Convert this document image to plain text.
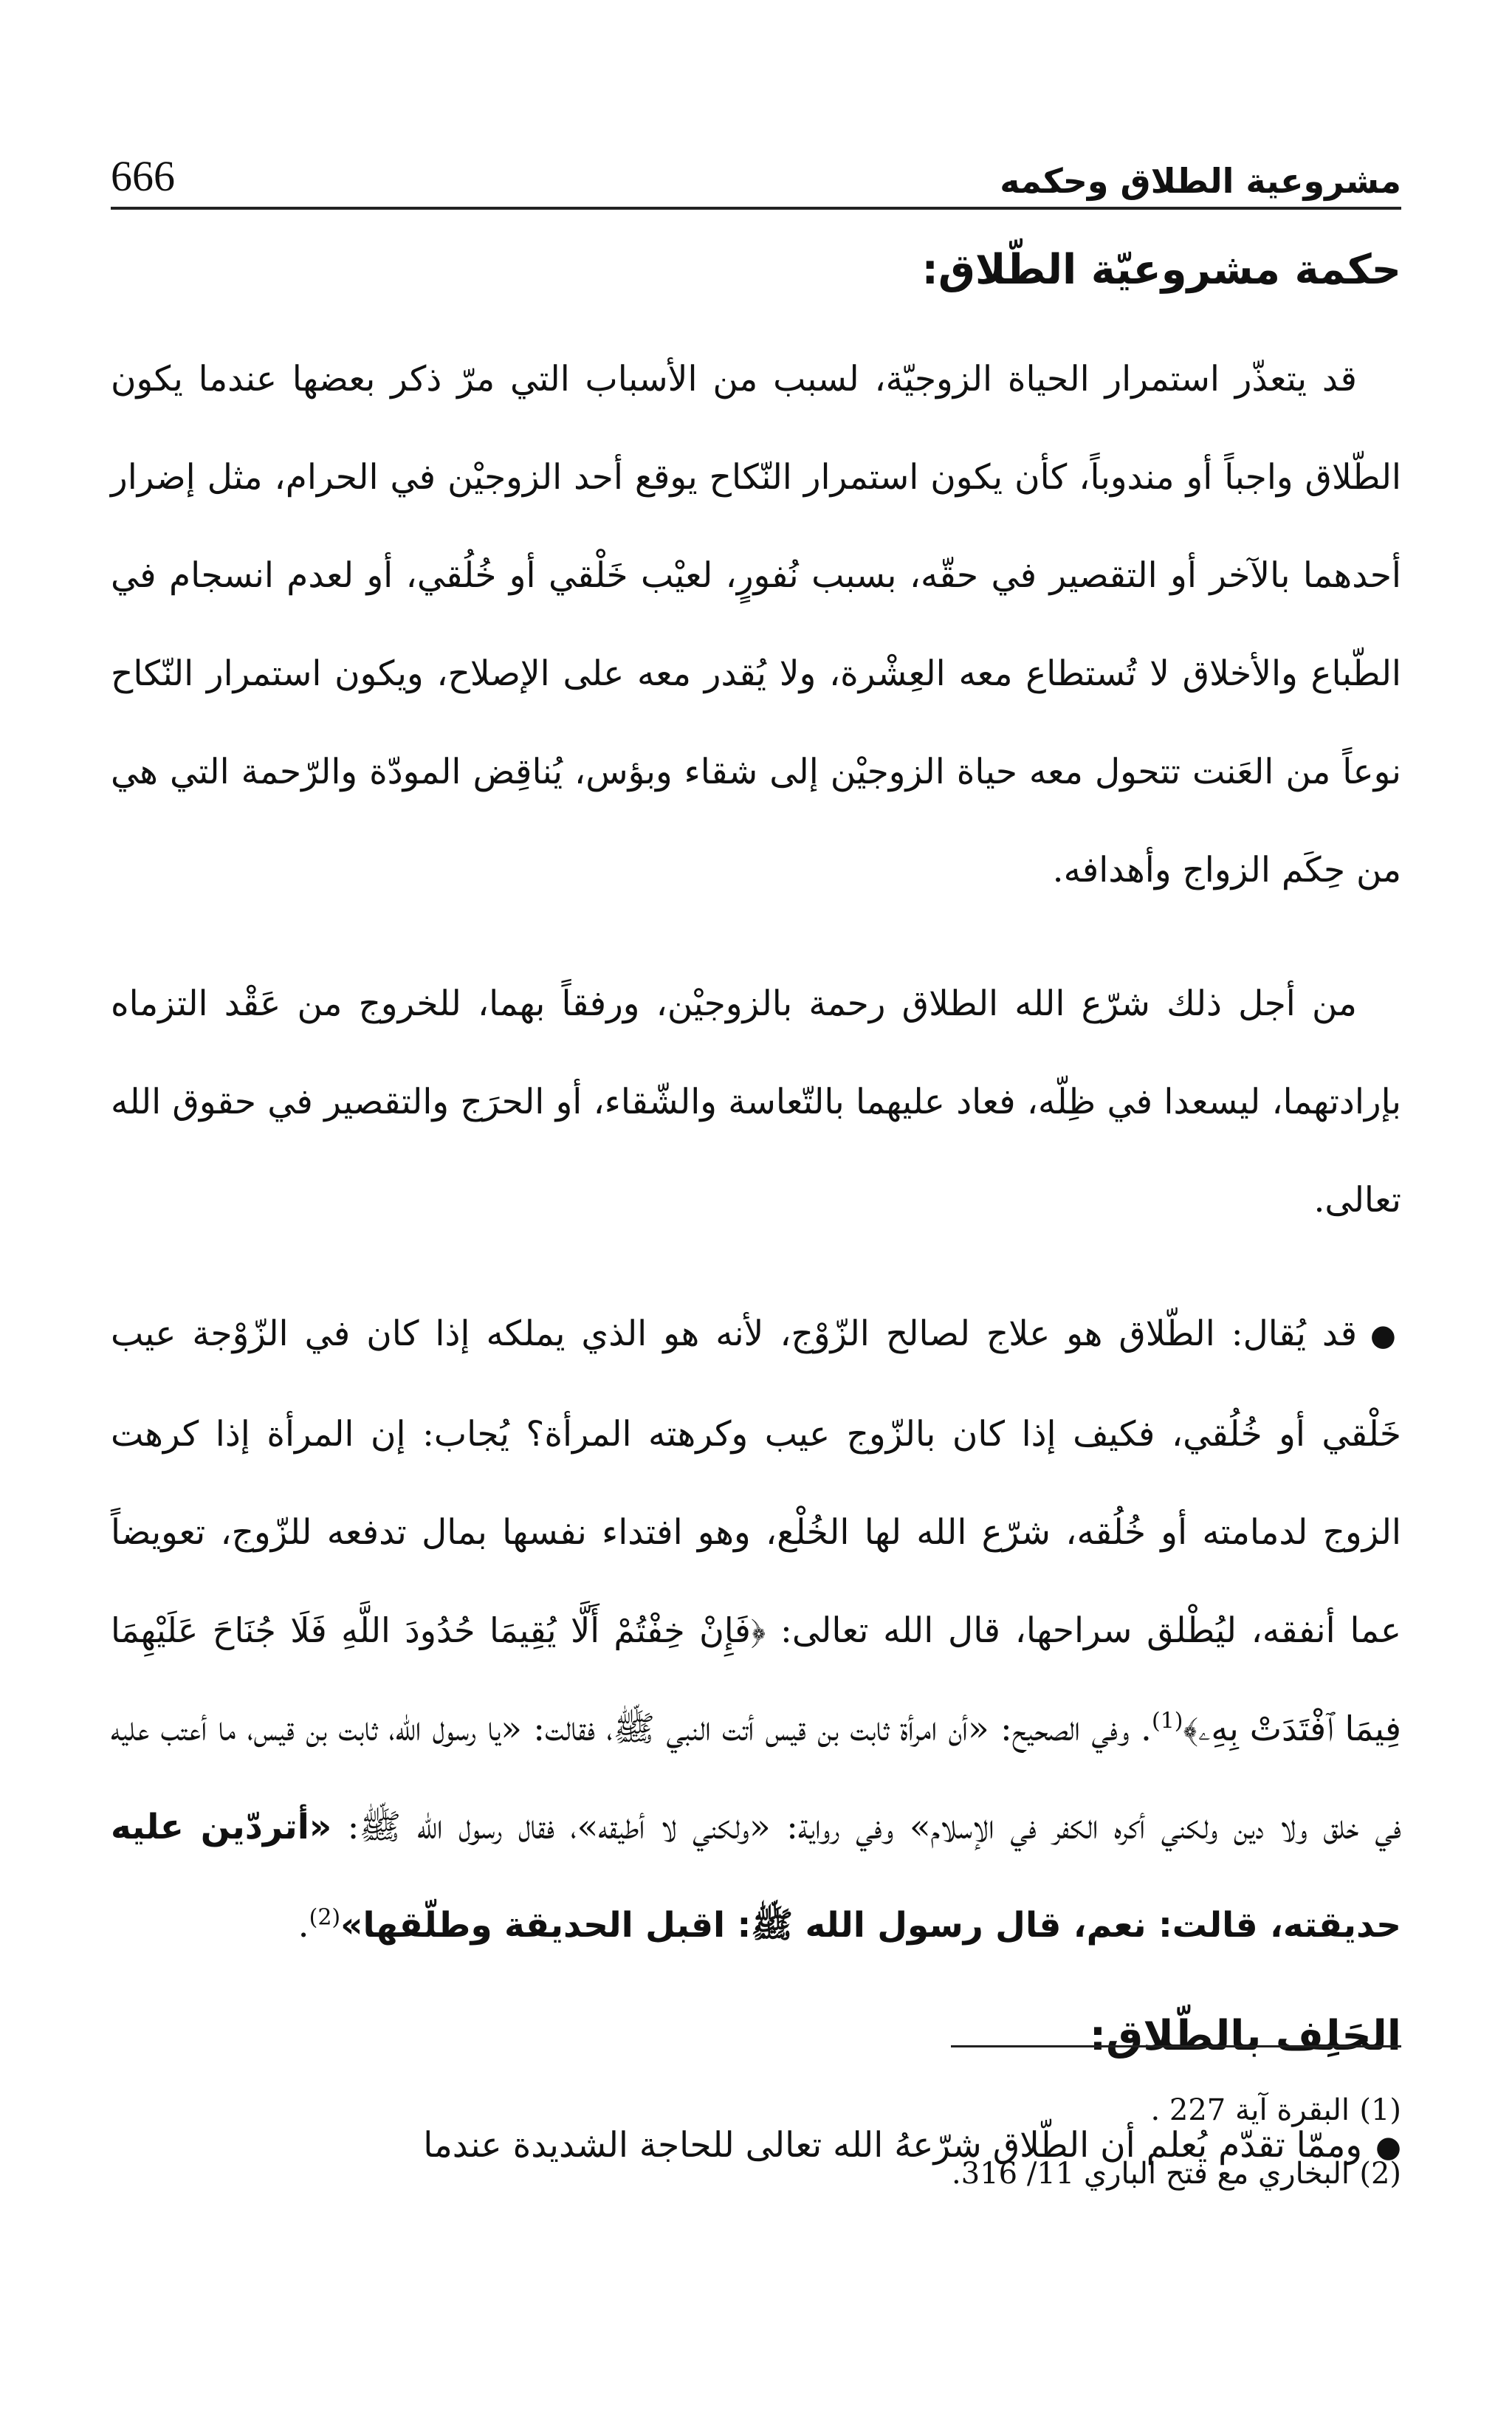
666	مشروعية الطلاق وحكمه
حكمة مشروعيّة الطّلاق:

قد يتعذّر استمرار الحياة الزوجيّة، لسبب من الأسباب التي مرّ ذكر بعضها عندما يكون الطّلاق واجباً أو مندوباً، كأن يكون استمرار النّكاح يوقع أحد الزوجيْن في الحرام، مثل إضرار أحدهما بالآخر أو التقصير في حقّه، بسبب نُفورٍ، لعيْب خَلْقي أو خُلُقي، أو لعدم انسجام في الطّباع والأخلاق لا تُستطاع معه العِشْرة، ولا يُقدر معه على الإصلاح، ويكون استمرار النّكاح نوعاً من العَنت تتحول معه حياة الزوجيْن إلى شقاء وبؤس، يُناقِض المودّة والرّحمة التي هي من حِكَم الزواج وأهدافه.

من أجل ذلك شرّع الله الطلاق رحمة بالزوجيْن، ورفقاً بهما، للخروج من عَقْد التزماه بإرادتهما، ليسعدا في ظِلّه، فعاد عليهما بالتّعاسة والشّقاء، أو الحرَج والتقصير في حقوق الله تعالى.

●قد يُقال: الطّلاق هو علاج لصالح الزّوْج، لأنه هو الذي يملكه إذا كان في الزّوْجة عيب خَلْقي أو خُلُقي، فكيف إذا كان بالزّوج عيب وكرهته المرأة؟ يُجاب: إن المرأة إذا كرهت الزوج لدمامته أو خُلُقه، شرّع الله لها الخُلْع، وهو افتداء نفسها بمال تدفعه للزّوج، تعويضاً عما أنفقه، ليُطْلق سراحها، قال الله تعالى: ﴿فَإِنْ خِفْتُمْ أَلَّا يُقِيمَا حُدُودَ اللَّهِ فَلَا جُنَاحَ عَلَيْهِمَا فِيمَا ٱفْتَدَتْ بِهِۦ﴾$^{(1)}$. وفي الصحيح: «أن امرأة ثابت بن قيس أتت النبي ﷺ، فقالت: «يا رسول الله، ثابت بن قيس، ما أعتب عليه في خلق ولا دين ولكني أكره الكفر في الإسلام» وفي رواية: «ولكني لا أطيقه»، فقال رسول الله ﷺ: «أتردّين عليه حديقته، قالت: نعم، قال رسول الله ﷺ: اقبل الحديقة وطلّقها»$^{(2)}$.

الحَلِف بالطّلاق:

●وممّا تقدّم يُعلم أن الطّلاق شرّعهُ الله تعالى للحاجة الشديدة عندما

(1)البقرة آية 227 .
(2)البخاري مع فتح الباري 11/ 316.
